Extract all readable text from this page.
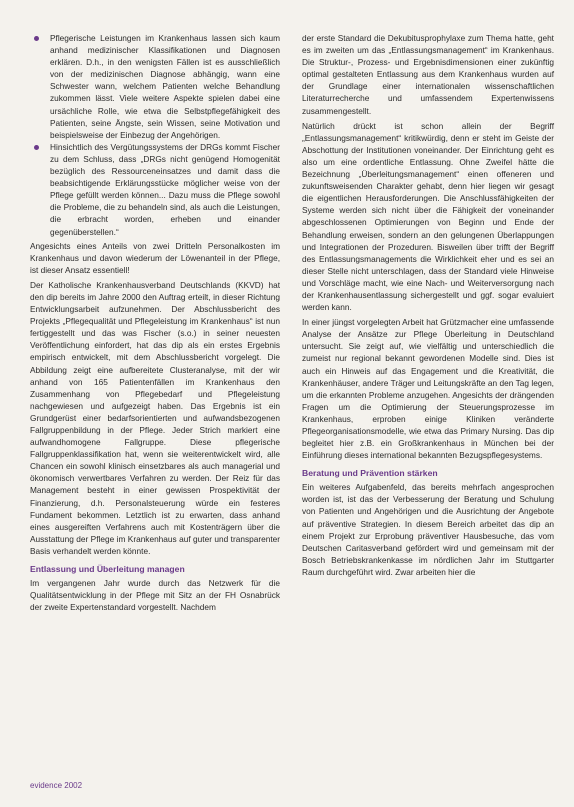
Pflegerische Leistungen im Krankenhaus lassen sich kaum anhand medizinischer Klassifikationen und Diagnosen erklären. D.h., in den wenigsten Fällen ist es ausschließlich von der medizinischen Diagnose abhängig, wann eine Schwester wann, welchem Patienten welche Behandlung zukommen lässt. Viele weitere Aspekte spielen dabei eine ursächliche Rolle, wie etwa die Selbstpflegefähigkeit des Patienten, seine Ängste, sein Wissen, seine Motivation und beispielsweise der Einbezug der Angehörigen.
Hinsichtlich des Vergütungssystems der DRGs kommt Fischer zu dem Schluss, dass „DRGs nicht genügend Homogenität bezüglich des Ressourceneinsatzes und damit dass die beabsichtigende Erklärungsstücke möglicher weise von der Pflege gefüllt werden können... Dazu muss die Pflege sowohl die Probleme, die zu behandeln sind, als auch die Leistungen, die erbracht worden, erheben und einander gegenüberstellen.“

Angesichts eines Anteils von zwei Dritteln Personalkosten im Krankenhaus und davon wiederum der Löwenanteil in der Pflege, ist dieser Ansatz essentiell!

Der Katholische Krankenhausverband Deutschlands (KKVD) hat den dip bereits im Jahre 2000 den Auftrag erteilt, in dieser Richtung Entwicklungsarbeit aufzunehmen. Der Abschlussbericht des Projekts „Pflegequalität und Pflegeleistung im Krankenhaus“ ist nun fertiggestellt und das was Fischer (s.o.) in seiner neuesten Veröffentlichung einfordert, hat das dip als ein erstes Ergebnis empirisch entwickelt, mit dem Abschlussbericht vorgelegt. Die Abbildung zeigt eine aufbereitete Clusteranalyse, mit der wir anhand von 165 Patientenfällen im Krankenhaus den Zusammenhang von Pflegebedarf und Pflegeleistung nachgewiesen und aufgezeigt haben. Das Ergebnis ist ein Grundgerüst einer bedarfsorientierten und aufwandsbezogenen Fallgruppenbildung in der Pflege. Jeder Strich markiert eine aufwandhomogene Fallgruppe. Diese pflegerische Fallgruppenklassifikation hat, wenn sie weiterentwickelt wird, alle Chancen ein sowohl klinisch einsetzbares als auch managerial und ökonomisch verwertbares Verfahren zu werden. Der Reiz für das Management besteht in einer gewissen Prospektivität der Finanzierung, d.h. Personalsteuerung würde ein festeres Fundament bekommen. Letztlich ist zu erwarten, dass anhand eines ausgereiften Verfahrens auch mit Kostenträgern über die Ausstattung der Pflege im Krankenhaus auf guter und transparenter Basis verhandelt werden könnte.

Entlassung und Überleitung managen

Im vergangenen Jahr wurde durch das Netzwerk für die Qualitätsentwicklung in der Pflege mit Sitz an der FH Osnabrück der zweite Expertenstandard vorgestellt. Nachdem

der erste Standard die Dekubitusprophylaxe zum Thema hatte, geht es im zweiten um das „Entlassungsmanagement“ im Krankenhaus. Die Struktur-, Prozess- und Ergebnisdimensionen einer zukünftig optimal gestalteten Entlassung aus dem Krankenhaus wurden auf der Grundlage einer internationalen wissenschaftlichen Literaturrecherche und umfassendem Expertenwissens zusammengestellt.

Natürlich drückt ist schon allein der Begriff „Entlassungsmanagement“ kritikwürdig, denn er steht im Geiste der Abschottung der Institutionen voneinander. Der Einrichtung geht es also um eine ordentliche Entlassung. Ohne Zweifel hätte die Bezeichnung „Überleitungsmanagement“ einen offeneren und zukunftsweisenden Charakter gehabt, denn hier liegen wir gesagt die eigentlichen Herausforderungen. Die Anschlussfähigkeiten der Systeme werden sich nicht über die Fähigkeit der voneinander abgeschlossenen Optimierungen von Beginn und Ende der Behandlung erweisen, sondern an den gelungenen Überlappungen und Integrationen der Prozeduren. Bisweilen über trifft der Begriff des Entlassungsmanagements die Wirklichkeit eher und es sei an dieser Stelle nicht unterschlagen, dass der Standard viele Hinweise und Vorschläge macht, wie eine Nach- und Weiterversorgung nach der Krankenhausentlassung sichergestellt und ggf. sogar evaluiert werden kann.

In einer jüngst vorgelegten Arbeit hat Grützmacher eine umfassende Analyse der Ansätze zur Pflege Überleitung in Deutschland untersucht. Sie zeigt auf, wie vielfältig und unterschiedlich die zumeist nur regional bekannt gewordenen Modelle sind. Dies ist auch ein Hinweis auf das Engagement und die Kreativität, die Krankenhäuser, andere Träger und Leitungskräfte an den Tag legen, um die erkannten Probleme anzugehen. Angesichts der drängenden Fragen um die Optimierung der Steuerungsprozesse im Krankenhaus, erproben einige Kliniken veränderte Pflegeorganisationsmodelle, wie etwa das Primary Nursing. Das dip begleitet hier z.B. ein Großkrankenhaus in München bei der Einführung dieses international bekannten Bezugspflegesystems.

Beratung und Prävention stärken

Ein weiteres Aufgabenfeld, das bereits mehrfach angesprochen worden ist, ist das der Verbesserung der Beratung und Schulung von Patienten und Angehörigen und die Ausrichtung der Angebote auf präventive Strategien. In diesem Bereich arbeitet das dip an einem Projekt zur Erprobung präventiver Hausbesuche, das vom Deutschen Caritasverband gefördert wird und gemeinsam mit der Bosch Betriebskrankenkasse im nördlichen Jahr im Stuttgarter Raum durchgeführt wird. Zwar arbeiten hier die

evidence 2002
